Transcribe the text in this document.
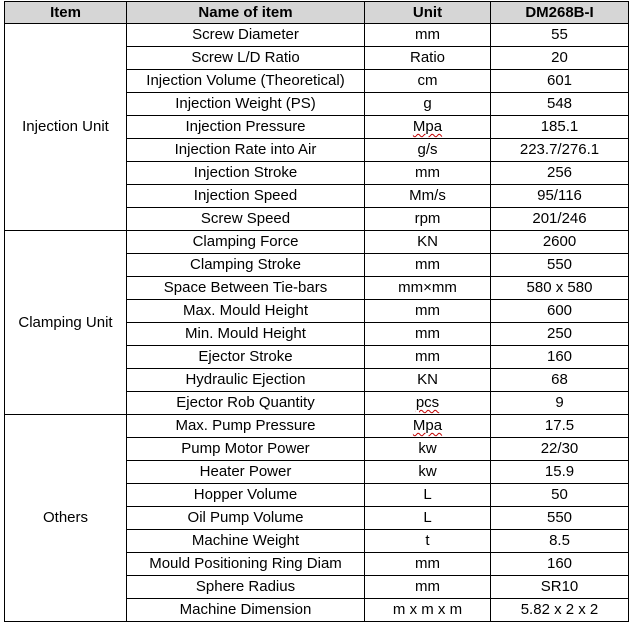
Item	Name of item	Unit	DM268B-I
Injection Unit	Screw Diameter	mm	55
	Screw L/D Ratio	Ratio	20
	Injection Volume (Theoretical)	cm	601
	Injection Weight (PS)	g	548
	Injection Pressure	Mpa	185.1
	Injection Rate into Air	g/s	223.7/276.1
	Injection Stroke	mm	256
	Injection Speed	Mm/s	95/116
	Screw Speed	rpm	201/246
Clamping Unit	Clamping Force	KN	2600
	Clamping Stroke	mm	550
	Space Between Tie-bars	mm×mm	580 x 580
	Max. Mould Height	mm	600
	Min. Mould Height	mm	250
	Ejector Stroke	mm	160
	Hydraulic Ejection	KN	68
	Ejector Rob Quantity	pcs	9
Others	Max. Pump Pressure	Mpa	17.5
	Pump Motor Power	kw	22/30
	Heater Power	kw	15.9
	Hopper Volume	L	50
	Oil Pump Volume	L	550
	Machine Weight	t	8.5
	Mould Positioning Ring Diam	mm	160
	Sphere Radius	mm	SR10
	Machine Dimension	m x m x m	5.82 x 2 x 2
